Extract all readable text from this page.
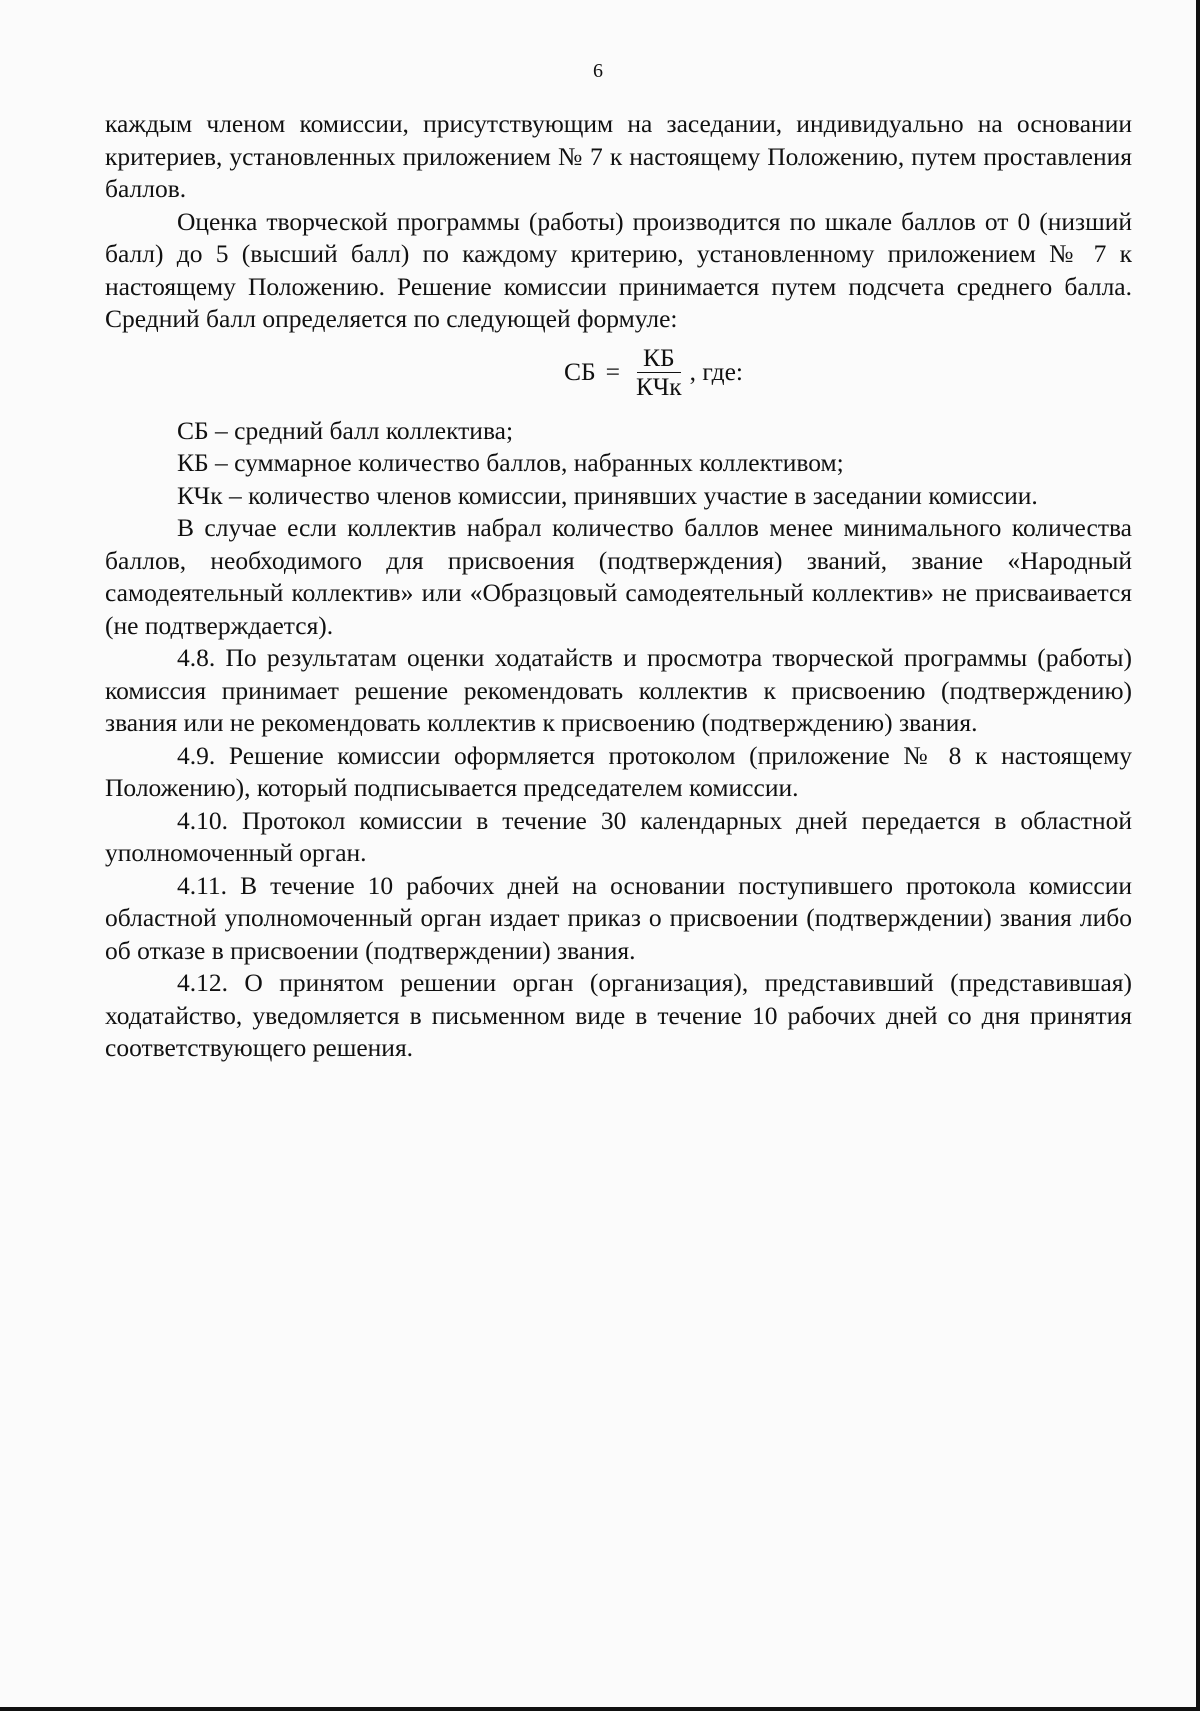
6

каждым членом комиссии, присутствующим на заседании, индивидуально на основании критериев, установленных приложением № 7 к настоящему Положению, путем проставления баллов.

Оценка творческой программы (работы) производится по шкале баллов от 0 (низший балл) до 5 (высший балл) по каждому критерию, установленному приложением № 7 к настоящему Положению. Решение комиссии принимается путем подсчета среднего балла. Средний балл определяется по следующей формуле:

СБ = $\frac{КБ}{\text{КЧк}}$ , где:

СБ – средний балл коллектива;

КБ – суммарное количество баллов, набранных коллективом;

КЧк – количество членов комиссии, принявших участие в заседании комиссии.

В случае если коллектив набрал количество баллов менее минимального количества баллов, необходимого для присвоения (подтверждения) званий, звание «Народный самодеятельный коллектив» или «Образцовый самодеятельный коллектив» не присваивается (не подтверждается).

4.8. По результатам оценки ходатайств и просмотра творческой программы (работы) комиссия принимает решение рекомендовать коллектив к присвоению (подтверждению) звания или не рекомендовать коллектив к присвоению (подтверждению) звания.

4.9. Решение комиссии оформляется протоколом (приложение № 8 к настоящему Положению), который подписывается председателем комиссии.

4.10. Протокол комиссии в течение 30 календарных дней передается в областной уполномоченный орган.

4.11. В течение 10 рабочих дней на основании поступившего протокола комиссии областной уполномоченный орган издает приказ о присвоении (подтверждении) звания либо об отказе в присвоении (подтверждении) звания.

4.12. О принятом решении орган (организация), представивший (представившая) ходатайство, уведомляется в письменном виде в течение 10 рабочих дней со дня принятия соответствующего решения.
